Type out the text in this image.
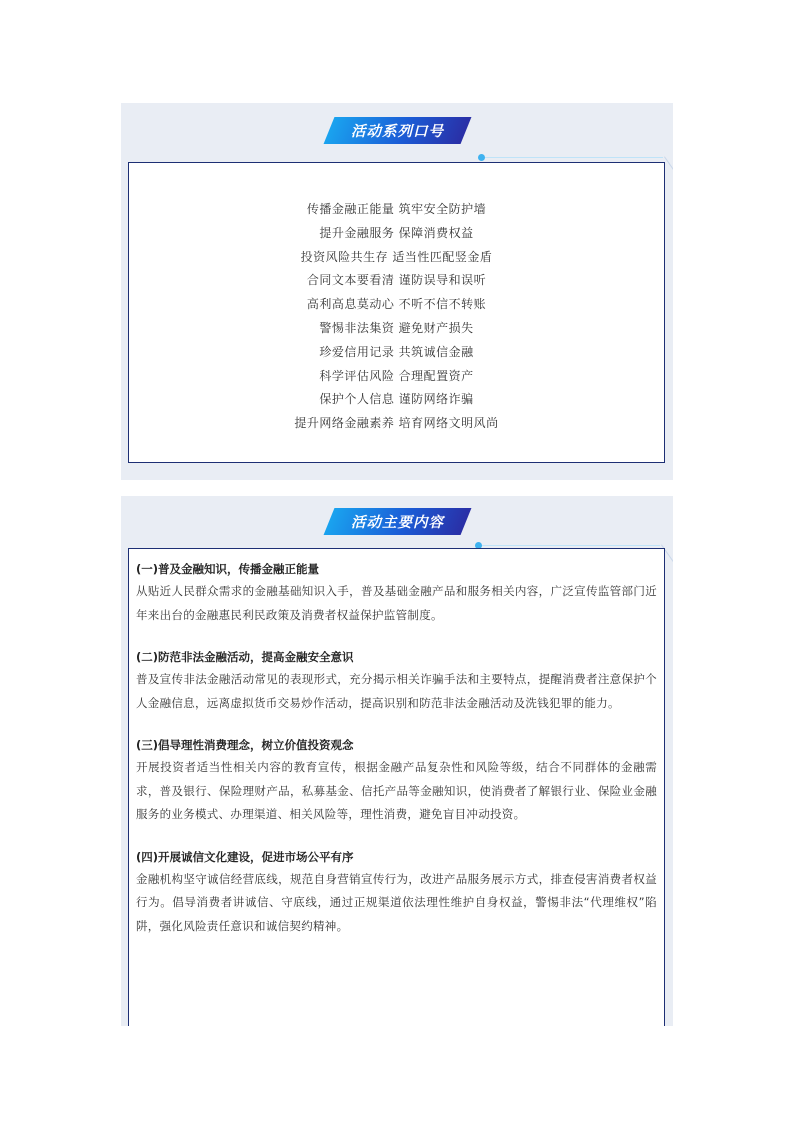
活动系列口号
传播金融正能量 筑牢安全防护墙
提升金融服务 保障消费权益
投资风险共生存 适当性匹配竖金盾
合同文本要看清 谨防误导和误听
高利高息莫动心 不听不信不转账
警惕非法集资 避免财产损失
珍爱信用记录 共筑诚信金融
科学评估风险 合理配置资产
保护个人信息 谨防网络诈骗
提升网络金融素养 培育网络文明风尚
活动主要内容
(一)普及金融知识，传播金融正能量

从贴近人民群众需求的金融基础知识入手，普及基础金融产品和服务相关内容，广泛宣传监管部门近年来出台的金融惠民利民政策及消费者权益保护监管制度。

(二)防范非法金融活动，提高金融安全意识

普及宣传非法金融活动常见的表现形式，充分揭示相关诈骗手法和主要特点，提醒消费者注意保护个人金融信息，远离虚拟货币交易炒作活动，提高识别和防范非法金融活动及洗钱犯罪的能力。

(三)倡导理性消费理念，树立价值投资观念

开展投资者适当性相关内容的教育宣传，根据金融产品复杂性和风险等级，结合不同群体的金融需求，普及银行、保险理财产品，私募基金、信托产品等金融知识，使消费者了解银行业、保险业金融服务的业务模式、办理渠道、相关风险等，理性消费，避免盲目冲动投资。

(四)开展诚信文化建设，促进市场公平有序

金融机构坚守诚信经营底线，规范自身营销宣传行为，改进产品服务展示方式，排查侵害消费者权益行为。倡导消费者讲诚信、守底线，通过正规渠道依法理性维护自身权益，警惕非法“代理维权”陷阱，强化风险责任意识和诚信契约精神。
